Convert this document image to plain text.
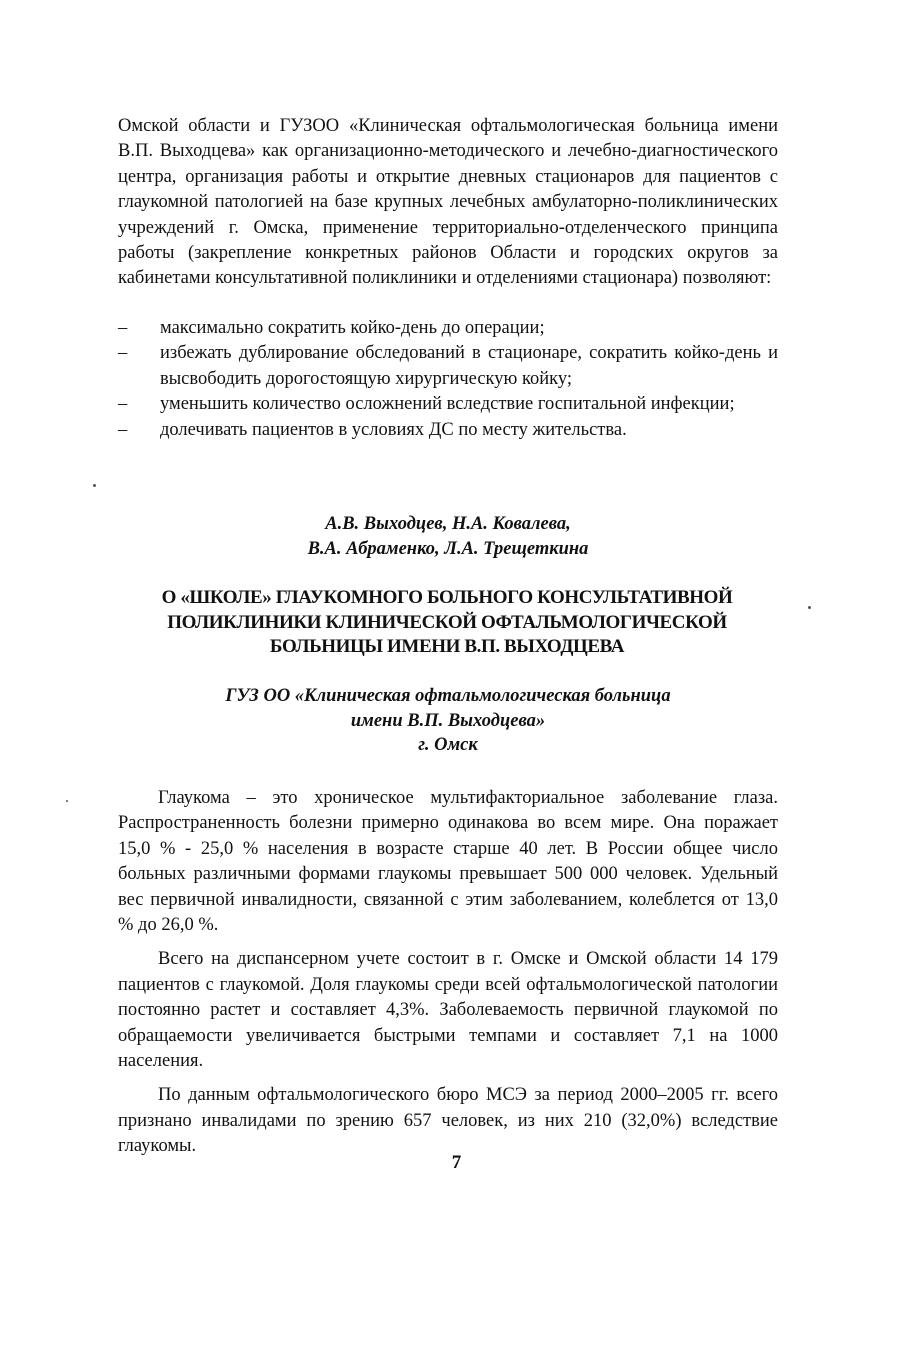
Омской области и ГУЗОО «Клиническая офтальмологическая больница имени В.П. Выходцева» как организационно-методического и лечебно-диагностического центра, организация работы и открытие дневных стационаров для пациентов с глаукомной патологией на базе крупных лечебных амбулаторно-поликлинических учреждений г. Омска, применение территориально-отделенческого принципа работы (закрепление конкретных районов Области и городских округов за кабинетами консультативной поликлиники и отделениями стационара) позволяют:
– максимально сократить койко-день до операции;
– избежать дублирование обследований в стационаре, сократить койко-день и высвободить дорогостоящую хирургическую койку;
– уменьшить количество осложнений вследствие госпитальной инфекции;
– долечивать пациентов в условиях ДС по месту жительства.
А.В. Выходцев, Н.А. Ковалева,
В.А. Абраменко, Л.А. Трещеткина
О «ШКОЛЕ» ГЛАУКОМНОГО БОЛЬНОГО КОНСУЛЬТАТИВНОЙ
ПОЛИКЛИНИКИ КЛИНИЧЕСКОЙ ОФТАЛЬМОЛОГИЧЕСКОЙ
БОЛЬНИЦЫ ИМЕНИ В.П. ВЫХОДЦЕВА
ГУЗ ОО «Клиническая офтальмологическая больница
имени В.П. Выходцева»
г. Омск

Глаукома – это хроническое мультифакториальное заболевание глаза. Распространенность болезни примерно одинакова во всем мире. Она поражает 15,0 % - 25,0 % населения в возрасте старше 40 лет. В России общее число больных различными формами глаукомы превышает 500 000 человек. Удельный вес первичной инвалидности, связанной с этим заболеванием, колеблется от 13,0 % до 26,0 %.

Всего на диспансерном учете состоит в г. Омске и Омской области 14 179 пациентов с глаукомой. Доля глаукомы среди всей офтальмологической патологии постоянно растет и составляет 4,3%. Заболеваемость первичной глаукомой по обращаемости увеличивается быстрыми темпами и составляет 7,1 на 1000 населения.

По данным офтальмологического бюро МСЭ за период 2000–2005 гг. всего признано инвалидами по зрению 657 человек, из них 210 (32,0%) вследствие глаукомы.

7
